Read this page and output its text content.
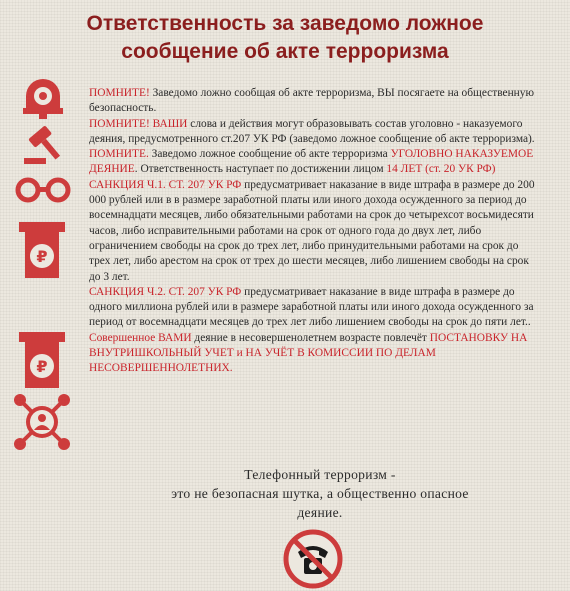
Ответственность за заведомо ложное
сообщение об акте терроризма
₽
₽

ПОМНИТЕ! Заведомо ложно сообщая об акте терроризма, ВЫ посягаете на общественную безопасность.

ПОМНИТЕ! ВАШИ слова и действия могут образовывать состав уголовно - наказуемого деяния, предусмотренного ст.207 УК РФ (заведомо ложное сообщение об акте терроризма).

ПОМНИТЕ. Заведомо ложное сообщение об акте терроризма УГОЛОВНО НАКАЗУЕМОЕ ДЕЯНИЕ. Ответственность наступает по достижении лицом 14 ЛЕТ (ст. 20 УК РФ)

САНКЦИЯ Ч.1. СТ. 207 УК РФ предусматривает наказание в виде штрафа в размере до 200 000 рублей или в в размере заработной платы или иного дохода осужденного за период до восемнадцати месяцев, либо обязательными работами на срок до четырехсот восьмидесяти часов, либо исправительными работами на срок от одного года до двух лет, либо ограничением свободы на срок до трех лет, либо принудительными работами на срок до трех лет, либо арестом на срок от трех до шести месяцев, либо лишением свободы на срок до 3 лет.

САНКЦИЯ Ч.2. СТ. 207 УК РФ предусматривает наказание в виде штрафа в размере до одного миллиона рублей или в размере заработной платы или иного дохода осужденного за период от восемнадцати месяцев до трех лет либо лишением свободы на срок до пяти лет..

Совершенное ВАМИ деяние в несовершенолетнем возрасте повлечёт ПОСТАНОВКУ НА ВНУТРИШКОЛЬНЫЙ УЧЕТ и НА УЧЁТ В КОМИССИИ ПО ДЕЛАМ НЕСОВЕРШЕННОЛЕТНИХ.

Телефонный терроризм -
это не безопасная шутка, а общественно опасное
деяние.
